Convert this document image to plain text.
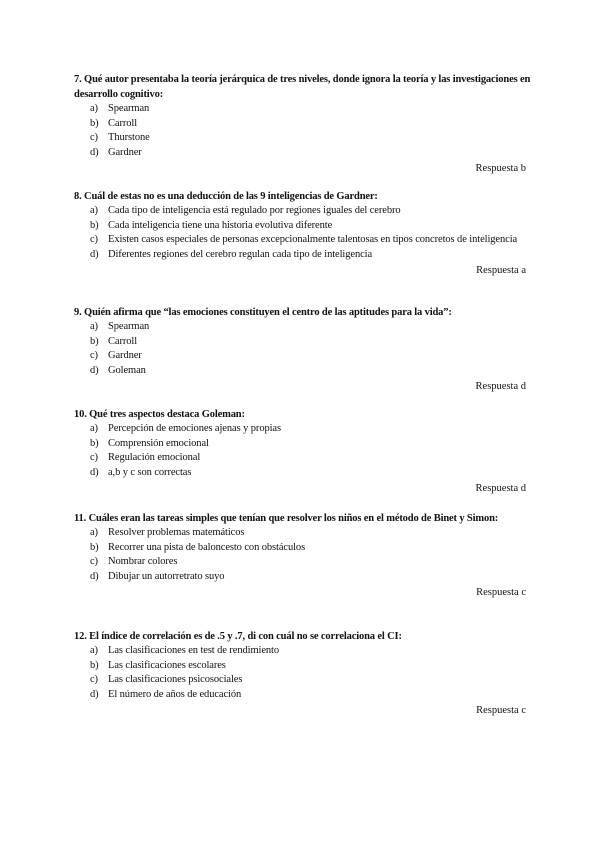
7. Qué autor presentaba la teoría jerárquica de tres niveles, donde ignora la teoría y las investigaciones en desarrollo cognitivo:
a) Spearman
b) Carroll
c) Thurstone
d) Gardner
Respuesta b
8. Cuál de estas no es una deducción de las 9 inteligencias de Gardner:
a) Cada tipo de inteligencia está regulado por regiones iguales del cerebro
b) Cada inteligencia tiene una historia evolutiva diferente
c) Existen casos especiales de personas excepcionalmente talentosas en tipos concretos de inteligencia
d) Diferentes regiones del cerebro regulan cada tipo de inteligencia
Respuesta a
9. Quién afirma que “las emociones constituyen el centro de las aptitudes para la vida”:
a) Spearman
b) Carroll
c) Gardner
d) Goleman
Respuesta d
10. Qué tres aspectos destaca Goleman:
a) Percepción de emociones ajenas y propias
b) Comprensión emocional
c) Regulación emocional
d) a,b y c son correctas
Respuesta d
11. Cuáles eran las tareas simples que tenían que resolver los niños en el método de Binet y Simon:
a) Resolver problemas matemáticos
b) Recorrer una pista de baloncesto con obstáculos
c) Nombrar colores
d) Dibujar un autorretrato suyo
Respuesta c
12. El índice de correlación es de .5 y .7, di con cuál no se correlaciona el CI:
a) Las clasificaciones en test de rendimiento
b) Las clasificaciones escolares
c) Las clasificaciones psicosociales
d) El número de años de educación
Respuesta c
